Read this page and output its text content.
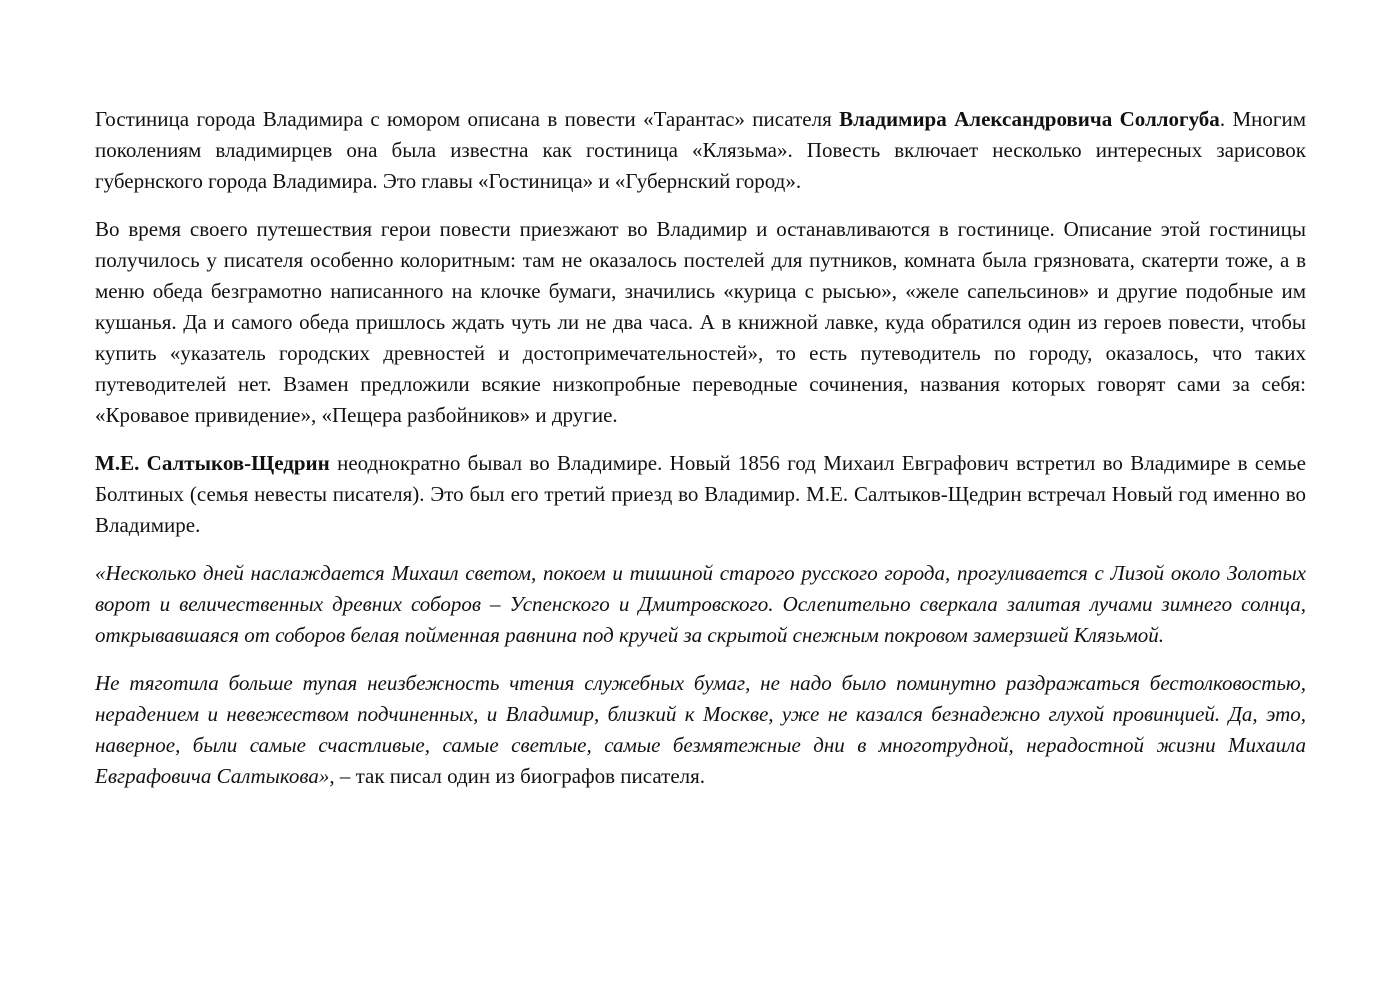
Гостиница города Владимира с юмором описана в повести «Тарантас» писателя Владимира Александровича Соллогуба. Многим поколениям владимирцев она была известна как гостиница «Клязьма». Повесть включает несколько интересных зарисовок губернского города Владимира. Это главы «Гостиница» и «Губернский город».

Во время своего путешествия герои повести приезжают во Владимир и останавливаются в гостинице. Описание этой гостиницы получилось у писателя особенно колоритным: там не оказалось постелей для путников, комната была грязновата, скатерти тоже, а в меню обеда безграмотно написанного на клочке бумаги, значились «курица с рысью», «желе сапельсинов» и другие подобные им кушанья. Да и самого обеда пришлось ждать чуть ли не два часа. А в книжной лавке, куда обратился один из героев повести, чтобы купить «указатель городских древностей и достопримечательностей», то есть путеводитель по городу, оказалось, что таких путеводителей нет. Взамен предложили всякие низкопробные переводные сочинения, названия которых говорят сами за себя: «Кровавое привидение», «Пещера разбойников» и другие.

М.Е. Салтыков-Щедрин неоднократно бывал во Владимире. Новый 1856 год Михаил Евграфович встретил во Владимире в семье Болтиных (семья невесты писателя). Это был его третий приезд во Владимир. М.Е. Салтыков-Щедрин встречал Новый год именно во Владимире.

«Несколько дней наслаждается Михаил светом, покоем и тишиной старого русского города, прогуливается с Лизой около Золотых ворот и величественных древних соборов – Успенского и Дмитровского. Ослепительно сверкала залитая лучами зимнего солнца, открывавшаяся от соборов белая пойменная равнина под кручей за скрытой снежным покровом замерзшей Клязьмой.

Не тяготила больше тупая неизбежность чтения служебных бумаг, не надо было поминутно раздражаться бестолковостью, нерадением и невежеством подчиненных, и Владимир, близкий к Москве, уже не казался безнадежно глухой провинцией. Да, это, наверное, были самые счастливые, самые светлые, самые безмятежные дни в многотрудной, нерадостной жизни Михаила Евграфовича Салтыкова», – так писал один из биографов писателя.
